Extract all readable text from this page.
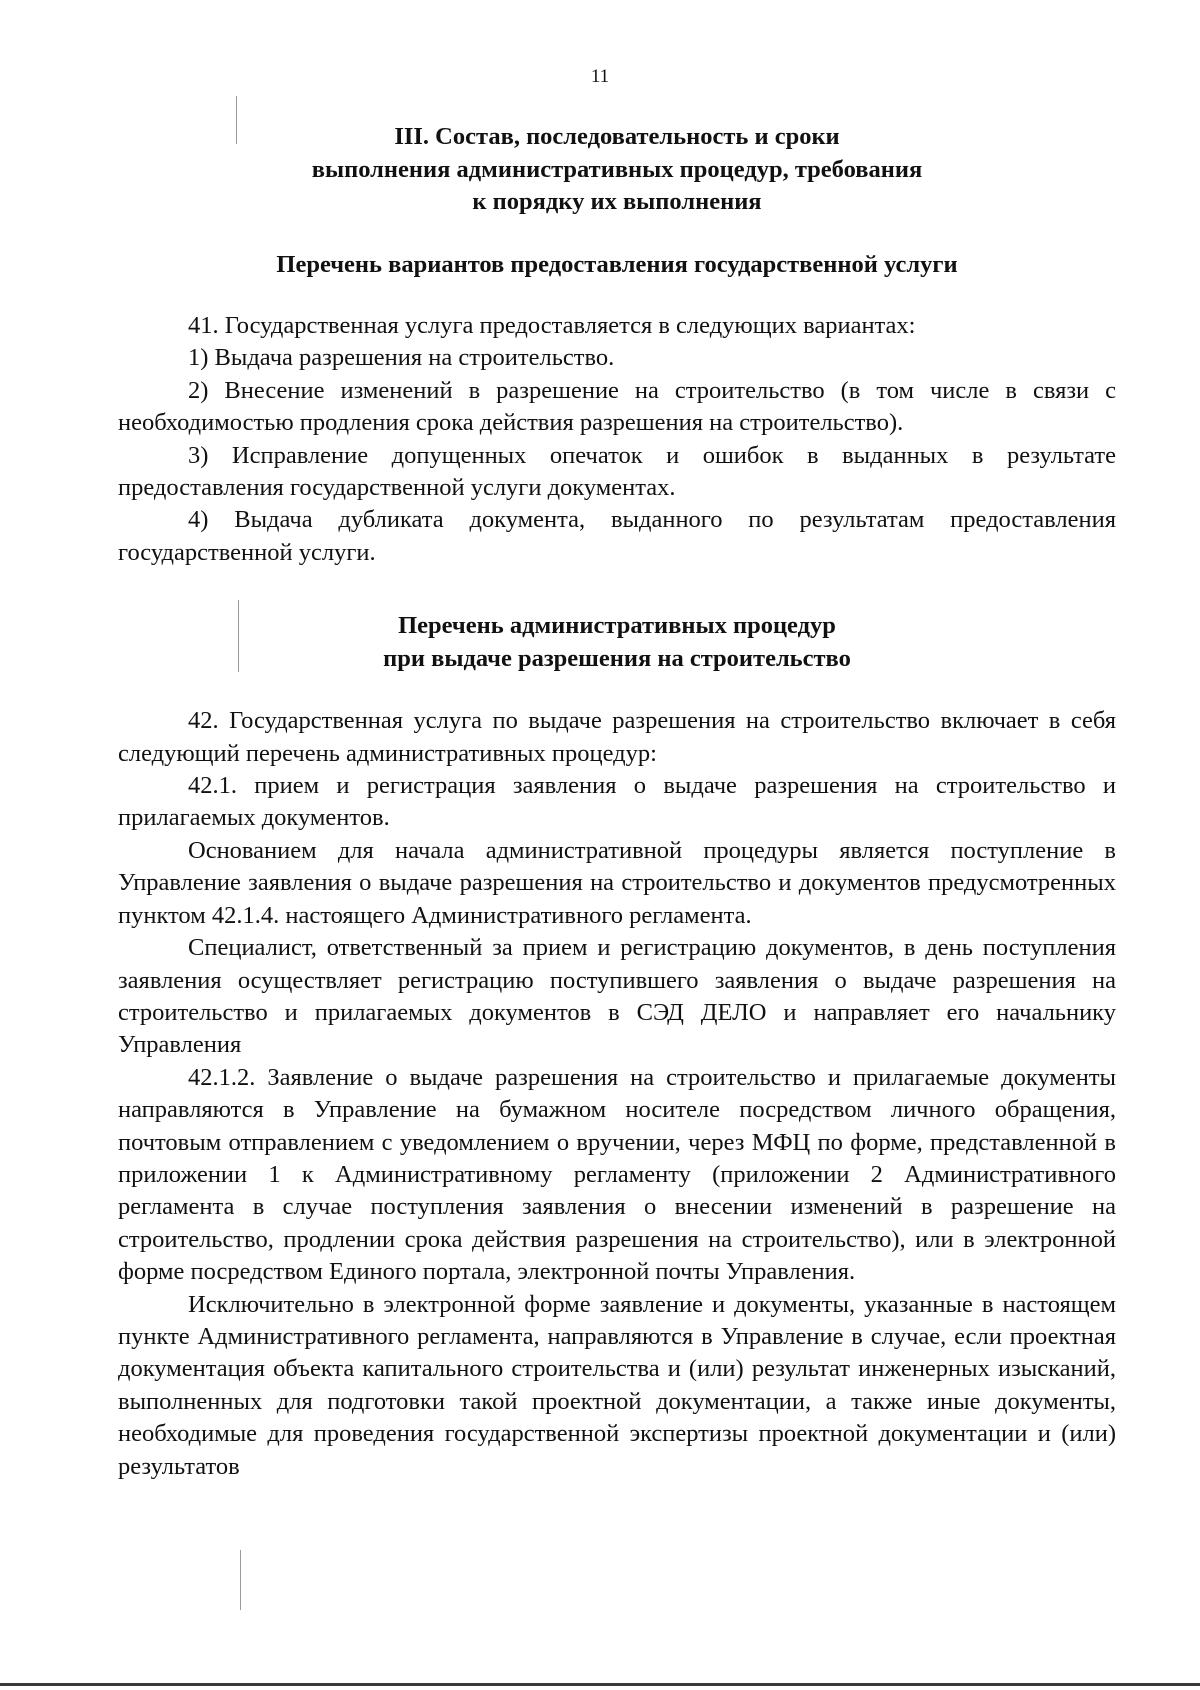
11
III. Состав, последовательность и сроки
выполнения административных процедур, требования
к порядку их выполнения
Перечень вариантов предоставления государственной услуги

41. Государственная услуга предоставляется в следующих вариантах:

1) Выдача разрешения на строительство.

2) Внесение изменений в разрешение на строительство (в том числе в связи с необходимостью продления срока действия разрешения на строительство).

3) Исправление допущенных опечаток и ошибок в выданных в результате предоставления государственной услуги документах.

4) Выдача дубликата документа, выданного по результатам предоставления государственной услуги.

Перечень административных процедур
при выдаче разрешения на строительство

42. Государственная услуга по выдаче разрешения на строительство включает в себя следующий перечень административных процедур:

42.1. прием и регистрация заявления о выдаче разрешения на строительство и прилагаемых документов.

Основанием для начала административной процедуры является поступление в Управление заявления о выдаче разрешения на строительство и документов предусмотренных пунктом 42.1.4. настоящего Административного регламента.

Специалист, ответственный за прием и регистрацию документов, в день поступления заявления осуществляет регистрацию поступившего заявления о выдаче разрешения на строительство и прилагаемых документов в СЭД ДЕЛО и направляет его начальнику Управления

42.1.2. Заявление о выдаче разрешения на строительство и прилагаемые документы направляются в Управление на бумажном носителе посредством личного обращения, почтовым отправлением с уведомлением о вручении, через МФЦ по форме, представленной в приложении 1 к Административному регламенту (приложении 2 Административного регламента в случае поступления заявления о внесении изменений в разрешение на строительство, продлении срока действия разрешения на строительство), или в электронной форме посредством Единого портала, электронной почты Управления.

Исключительно в электронной форме заявление и документы, указанные в настоящем пункте Административного регламента, направляются в Управление в случае, если проектная документация объекта капитального строительства и (или) результат инженерных изысканий, выполненных для подготовки такой проектной документации, а также иные документы, необходимые для проведения государственной экспертизы проектной документации и (или) результатов
